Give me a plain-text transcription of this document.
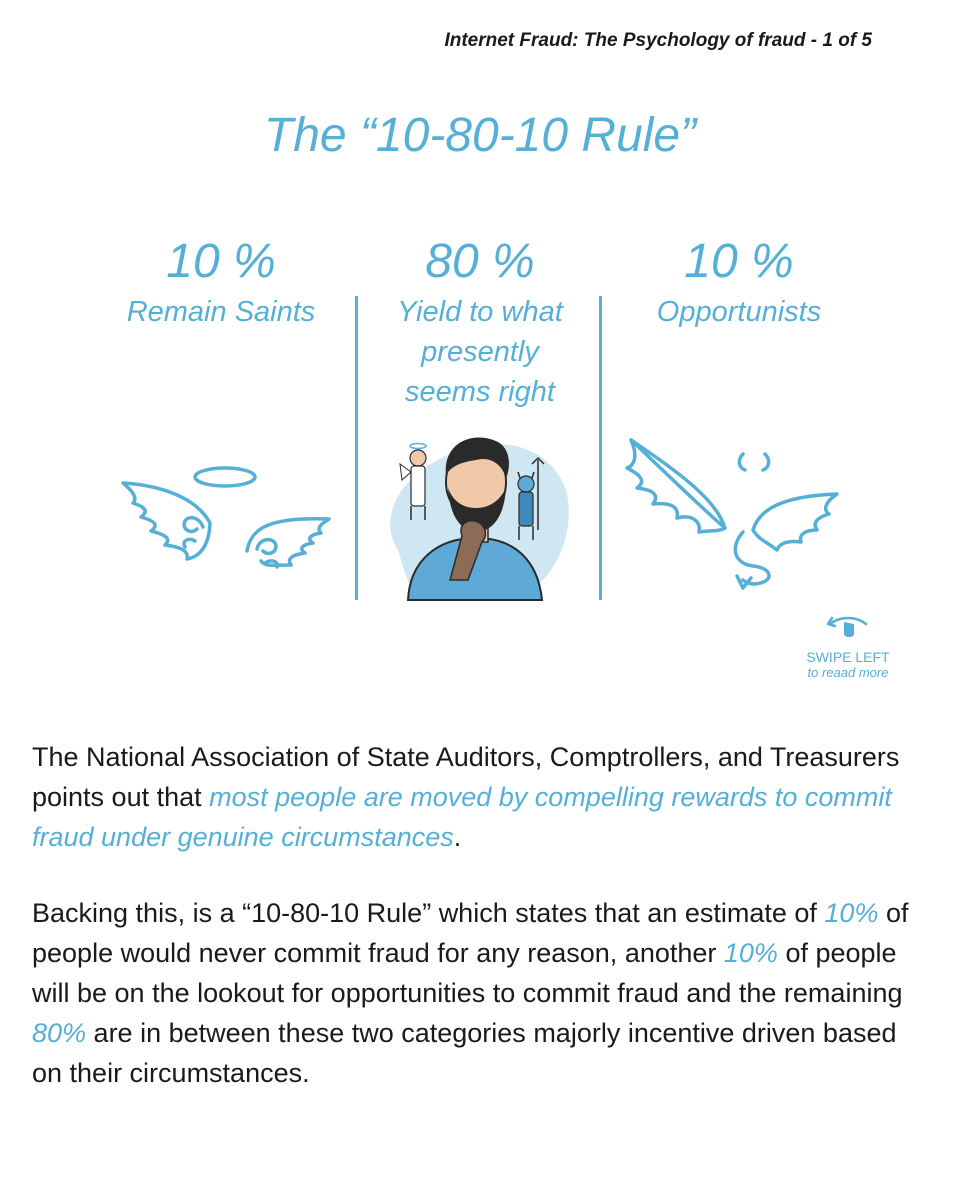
Internet Fraud: The Psychology of fraud - 1 of 5
The “10-80-10 Rule”
10 %
Remain Saints
80 %
Yield to what presently seems right
10 %
Opportunists
SWIPE LEFT
to reaad more

The National Association of State Auditors, Comptrollers, and Treasurers points out that most people are moved by compelling rewards to commit fraud under genuine circumstances.

Backing this, is a “10-80-10 Rule” which states that an estimate of 10% of people would never commit fraud for any reason, another 10% of people will be on the lookout for opportunities to commit fraud and the remaining 80% are in between these two categories majorly incentive driven based on their circumstances.
